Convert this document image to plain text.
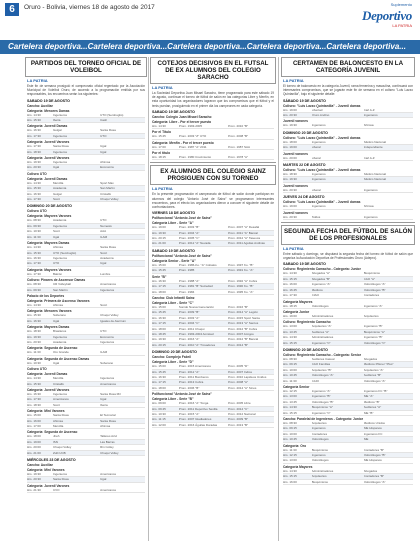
6	Oruro - Bolivia, viernes 18 de agosto de 2017	Suplemento
Deportivo
LA PATRIA
Cartelera deportiva...Cartelera deportiva...Cartelera deportiva...Cartelera deportiva...Cartelera deportiva...
PARTIDOS DEL TORNEO OFICIAL DE VOLEIBOL
LA PATRIA
Este fin de semana prosiguió el campeonato oficial regentado por la Asociación Municipal de Voleibol Oruro, de acuerdo a la programación emitida por sus responsables, los encuentros serán los siguientes:
SABADO 19 DE AGOSTO
Cancha: Auxiliar
Categoría: Menores Damas
Hrs. 14:30	Ingenieros	UTO (Sembuglio)
Hrs. 15:30	Iberia	Cash
Categoría: Juvenil Damas
Hrs. 16:30	Gulgar	Santa Rosa
Hrs. 17:30	Ingenieros	UTO
Categoría: Juvenil Varones
Hrs. 17:30	Santa Rosa	Ugal
Hrs. 18:30	Ingenieros	Ugal
Categoría: Juvenil Varones
Hrs. 19:30	Ingenieros	Ahimsa
Hrs. 20:30	Ugal	Economía
Coliseo UTO
Categoría: Juvenil Damas
Hrs. 14:30	Mervilla	Sport Max
Hrs. 15:30	Academia	San Martín
Hrs. 16:30	Gulgar	Cristalfo
Hrs. 17:30	Scort	Chuqui Volley
DOMINGO 20 DE AGOSTO
Coliseo UTO
Categoría: Mayores Varones
Hrs. 08:30	Academia	UTO
Hrs. 09:30	Ingenieros	Nemesis
Hrs. 10:30	Scort	AAA
Hrs. 11:30	Ugal	ILAM
Categoría: Mayores Damas
Hrs. 14:30	Ahimsa	Santa Rosa
Hrs. 15:30	UTO (Sembuglio)	Scort
Hrs. 16:30	Ingenieros	Academia
Hrs. 17:30	UTO	Ugal
Categoría: Mayores Varones
Hrs. 17:30	Balcón	Lumbre
Coliseo: Pinares de Ascensor Damas
Hrs. 08:30	CR Volleyball	Americanos
Hrs. 09:30	San Martín	Ingenieros
Palacio de los Deportes
Categoría: Primera de Ascenso Varones
Hrs. 14:30	Ahimsa	Scort
Categoría: Menores Varones
Hrs. 15:30	Soberano	Chuqui Volley
Hrs. 16:30	Ugal	Iguales de Aterrium
Categoría: Mayores Damas
Hrs. 18:30	Brasileros	UTO
Hrs. 19:30	Ingenieros	Economía
Hrs. 20:30	Academia	Ingenieros
Categoría: Segunda de Ascenso
Hrs. 11:30	Oro Grande	ILAM
Categoría: Segunda de Ascenso Damas
Hrs. 10:30	Ugal	Soberano
Coliseo UTO
Categoría: Juvenil Damas
Hrs. 14:30	Mervilla	Ingenieros
Hrs. 15:30	Cristalfo	Americanos
Categoría: Juvenil Varones
Hrs. 16:30	Ingenieros	Santa Rosa Mil
Hrs. 17:30	Americanos	Ugal
Hrs. 18:30	Scort	Iberia
Categoría: Mini Varones
Hrs. 15:00	Santa Rosa	El Tecnorial
Hrs. 16:00	Ahimsa	Santa Rosa
Hrs. 17:00	Mervilla	Ahimsa
Categoría: Segunda de Ascenso
Hrs. 18:00	Jireh	Talleres Azul
Hrs. 19:00	ISN	Las Barras
Hrs. 20:00	Chuqui Volley	Rin Colley
Hrs. 21:00	Zulli UCB	Chuqui Volley
MIÉRCOLES 23 DE AGOSTO
Cancha: Auxiliar
Categoría: Mini Varones
Hrs. 19:30	Ingenieros	Americanos
Hrs. 20:30	Santa Rosa	Ugal
Categoría: Juvenil Varones
Hrs. 21:30	CVO	Americanos
COTEJOS DECISIVOS EN EL FUTSAL DE EX ALUMNOS DEL COLEGIO SARACHO
LA PATRIA
La Sociedad Deportiva Juan Misael Saracho, tiene programado para este sábado 19 de agosto, continuar el torneo de fútbol de salón en las categorías Libre y Menfin, en esta oportunidad los organizadores lograron que los compromisos que el fútbol y el tenis puedan, prosiguiendo en el primer día los campeones en cada categoría.
SABADO 19 DE AGOSTO
Cancha: Colegio Juan Misael Saracho
Categoría: Libre - Por el tercer puesto
Hrs. 14:30	Prom. 1993-2005	Prom. 2010 "B"
Por el Título
Hrs. 15:45	Prom. 2003 "Z" UTO	Prom. 2008 "B"
Categoría: Menfin - Por el tercer puesto
Hrs. 17:00	Prom. 1987 "A" 2011	Prom. 1987 SAA
Por el título
Hrs. 18:15	Prom. 1980 Crecimiento	Prom. 1978 "A"
EX ALUMNOS DEL COLEGIO SAINZ PROSIGUEN CON SU TORNEO
LA PATRIA
En la presente programación el campeonato de fútbol de salón donde participan ex alumnos del colegio "Antonio José de Sainz" se programaron interesantes encuentros, para el efecto los organizadores dieron a conocer el siguiente detalle de confrontaciones.
VIERNES 18 DE AGOSTO
Polifuncional "Antonio José de Sainz"
Categoría Libre - Serie "A"
Hrs. 19:00	Prom. 2003 "B"	Prom. 2007 "A" Desafal
Hrs. 19:30	Prom. 2004 "A"	Prom. 2011 "A" Bancal
Hrs. 20:15	Prom. 2005 "C"	Prom. 2012 "A" Taseuca
Hrs. 21:00	Prom. 2012 "A" Nevada	Prom. 2011 Aguilas Andinas
SABADO 19 DE AGOSTO
Polifuncional "Antonio José de Sainz"
Categoría Senior - Serie "A"
Hrs. 15:00	Prom. 1986-Ko. "A" Cobalos	Prom. 1997 Ko. "B"
Hrs. 15:45	Prom. 1985	Prom. 1991 Ko. "A"
Serie "B"
Hrs. 16:30	Prom. 1988 "A"	Prom. 1992 "A" Cobra
Hrs. 17:15	Prom. 1981 "B" Sociedad	Prom. 1990 Ko. "B"
Hrs. 18:00	Prom. 1984	Prom. 1995 Ko. "A"
Cancha: Club Infantil Sainz
Categoría Libre - Serie "C"
Hrs. 15:00	Sonido Nueva Generación	Prom. 2016 "B"
Hrs. 15:45	Prom. 2009 "B"	Prom. 2014 "A" Legión
Hrs. 16:30	Prom. 2003 "A"	Prom. 2015 Sport Santa
Hrs. 17:15	Prom. 2004 "C"	Prom. 2013 "A" Sarcos
Hrs. 18:00	Prom. 2011 Chuqui	Prom. 2012 "B" Cobra
Hrs. 18:45	Prom. 1993-2004 Amistad	Prom. 2007 Amigos
Hrs. 19:30	Prom. 2016 "A"	Prom. 2012 "B" Bancal
Hrs. 20:15	Prom. 2010 "A" Trovadores	Prom. 2014 "B"
DOMINGO 20 DE AGOSTO
Cancha: Complejo Fabril
Categoría Libre - Serie "D"
Hrs. 15:00	Prom. 2015 Americanos	Prom. 2005 "D"
Hrs. 15:45	Prom. 2012 "A"	Prom. 2007 Indios
Hrs. 16:30	Prom. 2011 Bomberos	Prom. 2010 Lapideos Unidos
Hrs. 17:15	Prom. 2013 Cobra	Prom. 2008 "A"
Hrs. 18:00	Prom. 2006 "B"	Prom. 2014 "A" Sinos
Polifuncional "Antonio José de Sainz"
Categoría Libre - Serie "B"
Hrs. 09:00	Prom. 2016 "A" Tonga	Prom. 2005 Libre
Hrs. 09:45	Prom. 2011 Deportivo Sevilla	Prom. 2014 "C"
Hrs. 10:30	Prom. 2015 "A"	Prom. 2012 Nacional
Hrs. 11:15	Prom. 2007 Gladiadores	Prom. 2009 "B"
Hrs. 12:00	Prom. 2016 Águilas Doradas	Prom. 2013 "B"
CERTAMEN DE BALONCESTO EN LA CATEGORÍA JUVENIL
LA PATRIA
El torneo de baloncesto en la categoría Juvenil, rama femenina y masculina, continuará con interesantes compromisos, que se jugarán este fin de semana en el coliseo "Luis Lazzo Quintanilla", bajo el siguiente detalle:
SÁBADO 19 DE AGOSTO
Coliseo: "Luis Lazzo Quintanilla" - Juvenil damas
Hrs. 19:00	Libertad	Carl A-Z
Hrs. 20:30	Oruro Andino	Ingenieros
Juvenil varones
Hrs. 19:30	Ingenieros	Ahimsa
DOMINGO 20 DE AGOSTO
Coliseo: "Luis Lazzo Quintanilla" - Juvenil damas
Hrs. 18:00	Ingenieros	Atlético Nacional
Hrs. 19:00	Liberal	Independiente
Juvenil varones
Hrs. 20:00	Liberal	Carl A-Z
MARTES 22 DE AGOSTO
Coliseo: "Luis Lazzo Quintanilla" - Juvenil damas
Hrs. 18:30	Ingenieros	Atlético Nacional
Hrs. 19:30	Ingenieros	Atlético Nacional
Juvenil varones
Hrs. 20:30	Liberal	Ingenieros
JUEVES 24 DE AGOSTO
Coliseo: "Luis Lazzo Quintanilla" - Juvenil damas
Hrs. 19:00	Ingenieros	Ahimsa
Juvenil varones
Hrs. 20:30	Toldos	Ingenieros
SEGUNDA FECHA DEL FÚTBOL DE SALÓN DE LOS PROFESIONALES
LA PATRIA
Entre sábado y domingo, se disputará la segunda fecha del torneo de fútbol de salón que organiza la Asociación Deportiva de Profesionales Oruro (Adepro).
SABADO 19 DE AGOSTO
Coliseo: Regimiento Camacho - Categoría: Junior
Hrs. 14:30	Abogados "A"	Bioquímicos
Hrs. 15:15	Abogados "B"	CAO "A"
Hrs. 16:00	Ingenieros "A"	Odontólogos "A"
Hrs. 16:45	Médicos	Odontólogos "B"
Hrs. 17:30	CIAO	Contadores
Categoría Mayores
Hrs. 18:15	Odontólogos	Ingenieros "A"
Categoría Junior
Hrs. 19:00	Administradores	Arquitectos
Coliseo: Regimiento Camacho
Hrs. 13:00	Arquitectos "A"	Ingenieros "B"
Hrs. 13:45	Auditores "A"	Bioquímicos "A"
Hrs. 14:30	Administradores	Ingenieros "B"
Hrs. 15:15	Ingenieros "C"	Odontólogos "C"
DOMINGO 20 DE AGOSTO
Coliseo: Regimiento Camacho - Categoría: Senior
Hrs. 08:30	Auditores Casual	Abogados
Hrs. 09:15	CAO Familias	Médicos Pilsner "Plus"
Hrs. 10:00	Arquitectos "B"	Arquitectos "A"
Hrs. 10:45	Odontólogos "A"	Auditores "B"
Hrs. 11:30	CAIO	Odontólogos "A"
Categoría Senior
Hrs. 12:15	Ingenieros "A"	Ingenieros FC "B"
Hrs. 13:00	Ingenieros "B"	SIE "A"
Hrs. 13:45	Odontólogos "B"	Médicos "B"
Hrs. 14:30	Bioquímicos "A"	Auditores "A"
Hrs. 15:15	Ingenieros "C"	SIE "B"
Cancha: Paralelal de Ingenieros - Categoría: Junior
Hrs. 08:30	Arquitectos	Médicos Unidos
Hrs. 09:15	Ingenieros	SIE Hispanos
Hrs. 10:00	Contadores	Ingenieros FC
Hrs. 10:45	Odontólogos	SIE
Categoría: Oro
Hrs. 11:30	Bioquímicos	Contadores "B"
Hrs. 12:15	Ingenieros	Odontólogos "B"
Hrs. 13:00	Odontólogos	SIE Hispanos
Categoría Mayores
Hrs. 14:30	Administradores	Abogados
Hrs. 15:15	Arquitectos	Contadores "B"
Hrs. 16:00	Bioquímicos	Odontólogos "A"
